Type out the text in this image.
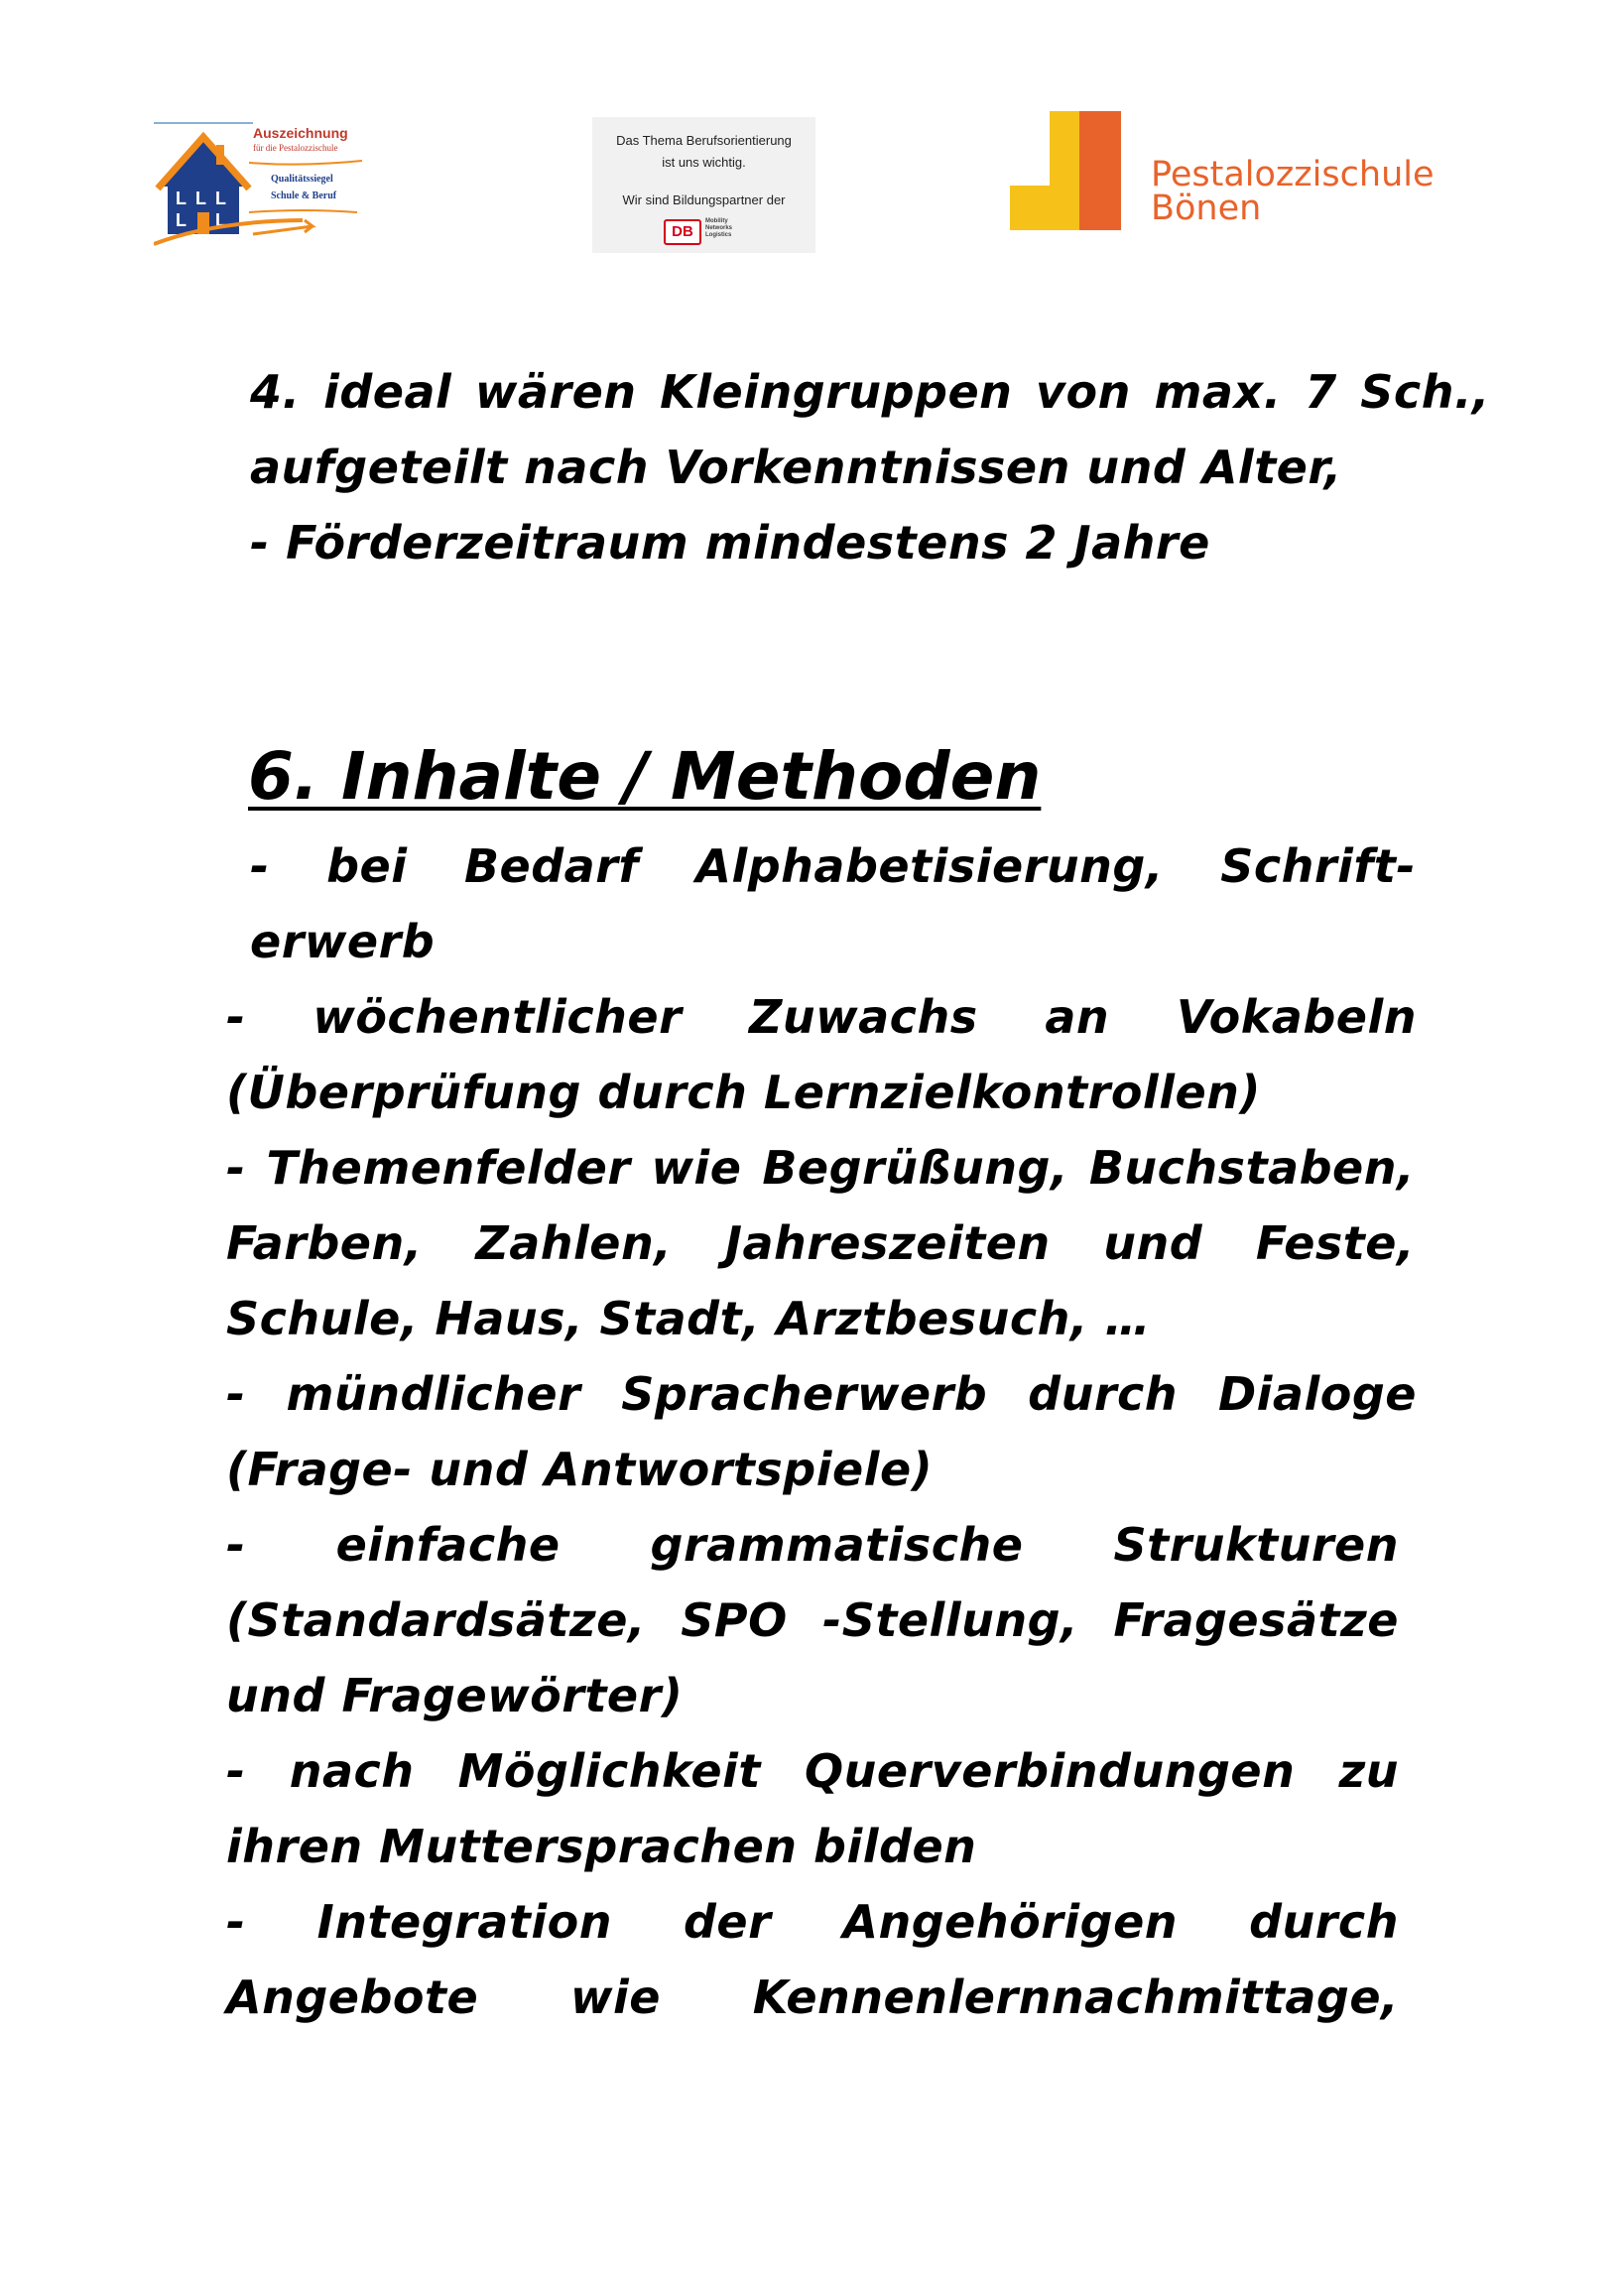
L L L
L L
Auszeichnung
für die Pestalozzischule
Qualitätssiegel
Schule & Beruf
Das Thema Berufsorientierung
ist uns wichtig.
Wir sind Bildungspartner der
DB
Mobility
Networks
Logistics
Pestalozzischule
Bönen
4. ideal wären Kleingruppen von max. 7 Sch.,
aufgeteilt nach Vorkenntnissen und Alter,
- Förderzeitraum mindestens 2 Jahre
6. Inhalte / Methoden
- bei Bedarf Alphabetisierung, Schrift-
erwerb
- wöchentlicher Zuwachs an Vokabeln
(Überprüfung durch Lernzielkontrollen)
- Themenfelder wie Begrüßung, Buchstaben,
Farben, Zahlen, Jahreszeiten und Feste,
Schule, Haus, Stadt, Arztbesuch, …
- mündlicher Spracherwerb durch Dialoge
(Frage- und Antwortspiele)
- einfache grammatische Strukturen
(Standardsätze, SPO -Stellung, Fragesätze
und Fragewörter)
- nach Möglichkeit Querverbindungen zu
ihren Muttersprachen bilden
- Integration der Angehörigen durch
Angebote wie Kennenlernnachmittage,
